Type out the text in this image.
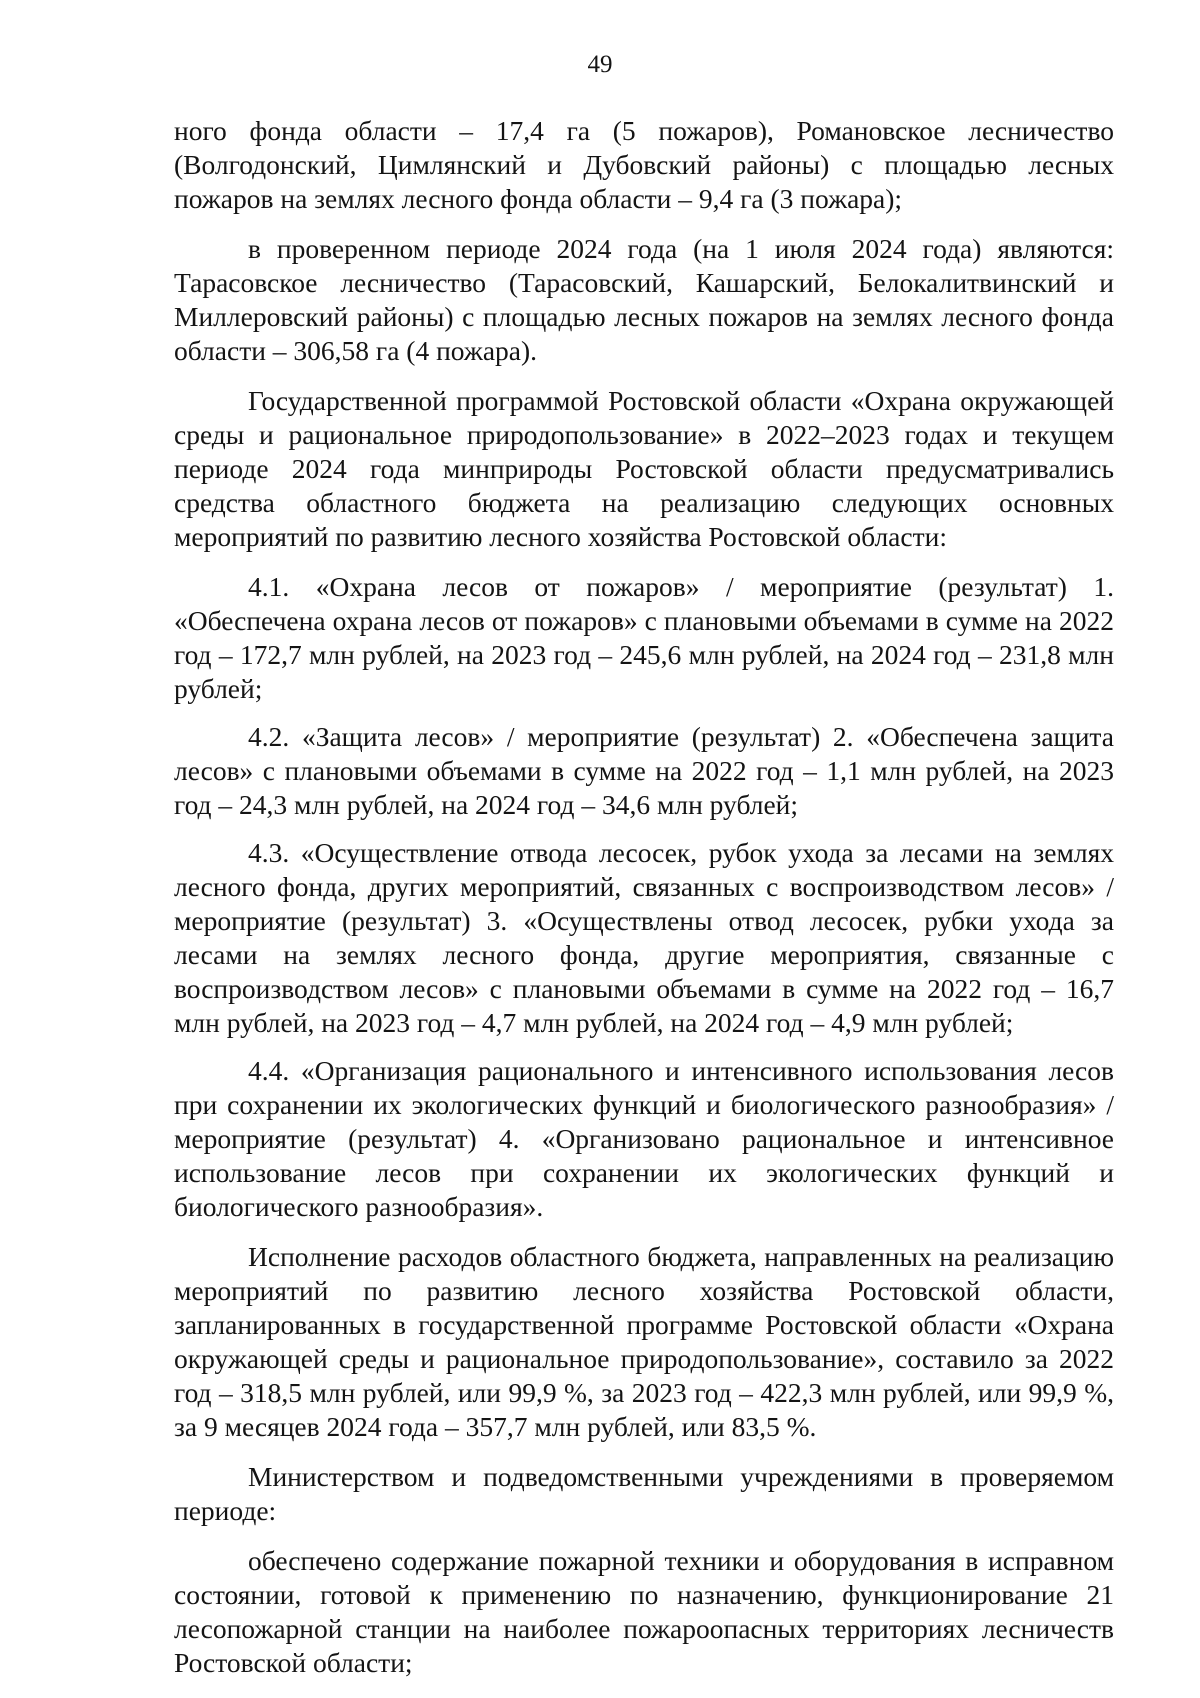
49

ного фонда области – 17,4 га (5 пожаров), Романовское лесничество (Волгодонский, Цимлянский и Дубовский районы) с площадью лесных пожаров на землях лесного фонда области – 9,4 га (3 пожара);

в проверенном периоде 2024 года (на 1 июля 2024 года) являются: Тарасовское лесничество (Тарасовский, Кашарский, Белокалитвинский и Миллеровский районы) с площадью лесных пожаров на землях лесного фонда области – 306,58 га (4 пожара).

Государственной программой Ростовской области «Охрана окружающей среды и рациональное природопользование» в 2022–2023 годах и текущем периоде 2024 года минприроды Ростовской области предусматривались средства областного бюджета на реализацию следующих основных мероприятий по развитию лесного хозяйства Ростовской области:

4.1. «Охрана лесов от пожаров» / мероприятие (результат) 1. «Обеспечена охрана лесов от пожаров» с плановыми объемами в сумме на 2022 год – 172,7 млн рублей, на 2023 год – 245,6 млн рублей, на 2024 год – 231,8 млн рублей;

4.2. «Защита лесов» / мероприятие (результат) 2. «Обеспечена защита лесов» с плановыми объемами в сумме на 2022 год – 1,1 млн рублей, на 2023 год – 24,3 млн рублей, на 2024 год – 34,6 млн рублей;

4.3. «Осуществление отвода лесосек, рубок ухода за лесами на землях лесного фонда, других мероприятий, связанных с воспроизводством лесов» / мероприятие (результат) 3. «Осуществлены отвод лесосек, рубки ухода за лесами на землях лесного фонда, другие мероприятия, связанные с воспроизводством лесов» с плановыми объемами в сумме на 2022 год – 16,7 млн рублей, на 2023 год – 4,7 млн рублей, на 2024 год – 4,9 млн рублей;

4.4. «Организация рационального и интенсивного использования лесов при сохранении их экологических функций и биологического разнообразия» / мероприятие (результат) 4. «Организовано рациональное и интенсивное использование лесов при сохранении их экологических функций и биологического разнообразия».

Исполнение расходов областного бюджета, направленных на реализацию мероприятий по развитию лесного хозяйства Ростовской области, запланированных в государственной программе Ростовской области «Охрана окружающей среды и рациональное природопользование», составило за 2022 год – 318,5 млн рублей, или 99,9 %, за 2023 год – 422,3 млн рублей, или 99,9 %, за 9 месяцев 2024 года – 357,7 млн рублей, или 83,5 %.

Министерством и подведомственными учреждениями в проверяемом периоде:

обеспечено содержание пожарной техники и оборудования в исправном состоянии, готовой к применению по назначению, функционирование 21 лесопожарной станции на наиболее пожароопасных территориях лесничеств Ростовской области;
